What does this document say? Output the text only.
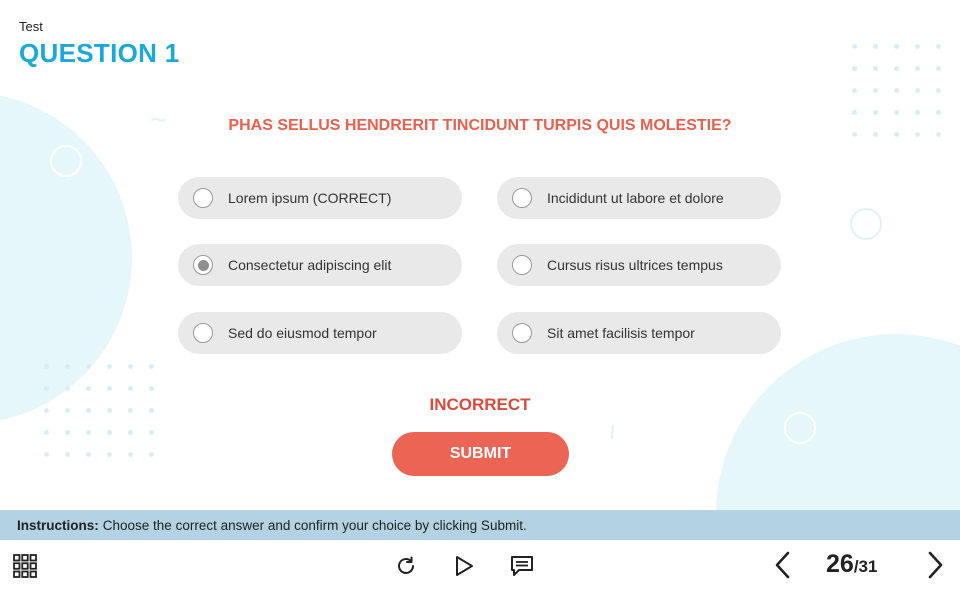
~
~
Test
QUESTION 1
PHAS SELLUS HENDRERIT TINCIDUNT TURPIS QUIS MOLESTIE?
Lorem ipsum (CORRECT)	Incididunt ut labore et dolore
Consectetur adipiscing elit	Cursus risus ultrices tempus
Sed do eiusmod tempor	Sit amet facilisis tempor
INCORRECT
SUBMIT
Instructions: Choose the correct answer and confirm your choice by clicking Submit.
26/31
